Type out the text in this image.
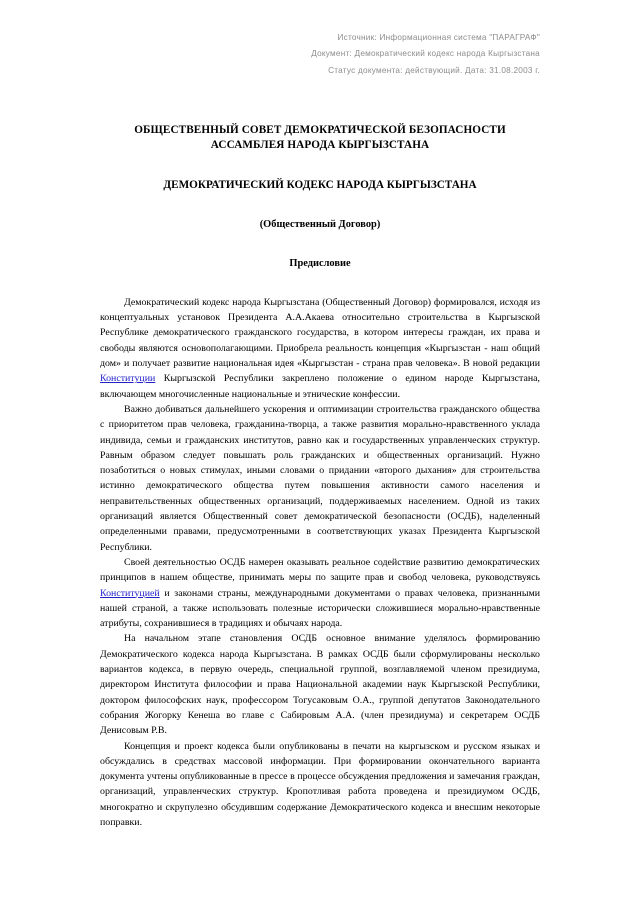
Источник: Информационная система "ПАРАГРАФ"
Документ: Демократический кодекс народа Кыргызстана
Статус документа: действующий. Дата: 31.08.2003 г.
ОБЩЕСТВЕННЫЙ СОВЕТ ДЕМОКРАТИЧЕСКОЙ БЕЗОПАСНОСТИ
АССАМБЛЕЯ НАРОДА КЫРГЫЗСТАНА
ДЕМОКРАТИЧЕСКИЙ КОДЕКС НАРОДА КЫРГЫЗСТАНА
(Общественный Договор)
Предисловие

Демократический кодекс народа Кыргызстана (Общественный Договор) формировался, исходя из концептуальных установок Президента А.А.Акаева относительно строительства в Кыргызской Республике демократического гражданского государства, в котором интересы граждан, их права и свободы являются основополагающими. Приобрела реальность концепция «Кыргызстан - наш общий дом» и получает развитие национальная идея «Кыргызстан - страна прав человека». В новой редакции Конституции Кыргызской Республики закреплено положение о едином народе Кыргызстана, включающем многочисленные национальные и этнические конфессии.

Важно добиваться дальнейшего ускорения и оптимизации строительства гражданского общества с приоритетом прав человека, гражданина-творца, а также развития морально-нравственного уклада индивида, семьи и гражданских институтов, равно как и государственных управленческих структур. Равным образом следует повышать роль гражданских и общественных организаций. Нужно позаботиться о новых стимулах, иными словами о придании «второго дыхания» для строительства истинно демократического общества путем повышения активности самого населения и неправительственных общественных организаций, поддерживаемых населением. Одной из таких организаций является Общественный совет демократической безопасности (ОСДБ), наделенный определенными правами, предусмотренными в соответствующих указах Президента Кыргызской Республики.

Своей деятельностью ОСДБ намерен оказывать реальное содействие развитию демократических принципов в нашем обществе, принимать меры по защите прав и свобод человека, руководствуясь Конституцией и законами страны, международными документами о правах человека, признанными нашей страной, а также использовать полезные исторически сложившиеся морально-нравственные атрибуты, сохранившиеся в традициях и обычаях народа.

На начальном этапе становления ОСДБ основное внимание уделялось формированию Демократического кодекса народа Кыргызстана. В рамках ОСДБ были сформулированы несколько вариантов кодекса, в первую очередь, специальной группой, возглавляемой членом президиума, директором Института философии и права Национальной академии наук Кыргызской Республики, доктором философских наук, профессором Тогусаковым О.А., группой депутатов Законодательного собрания Жогорку Кенеша во главе с Сабировым А.А. (член президиума) и секретарем ОСДБ Денисовым Р.В.

Концепция и проект кодекса были опубликованы в печати на кыргызском и русском языках и обсуждались в средствах массовой информации. При формировании окончательного варианта документа учтены опубликованные в прессе в процессе обсуждения предложения и замечания граждан, организаций, управленческих структур. Кропотливая работа проведена и президиумом ОСДБ, многократно и скрупулезно обсудившим содержание Демократического кодекса и внесшим некоторые поправки.
